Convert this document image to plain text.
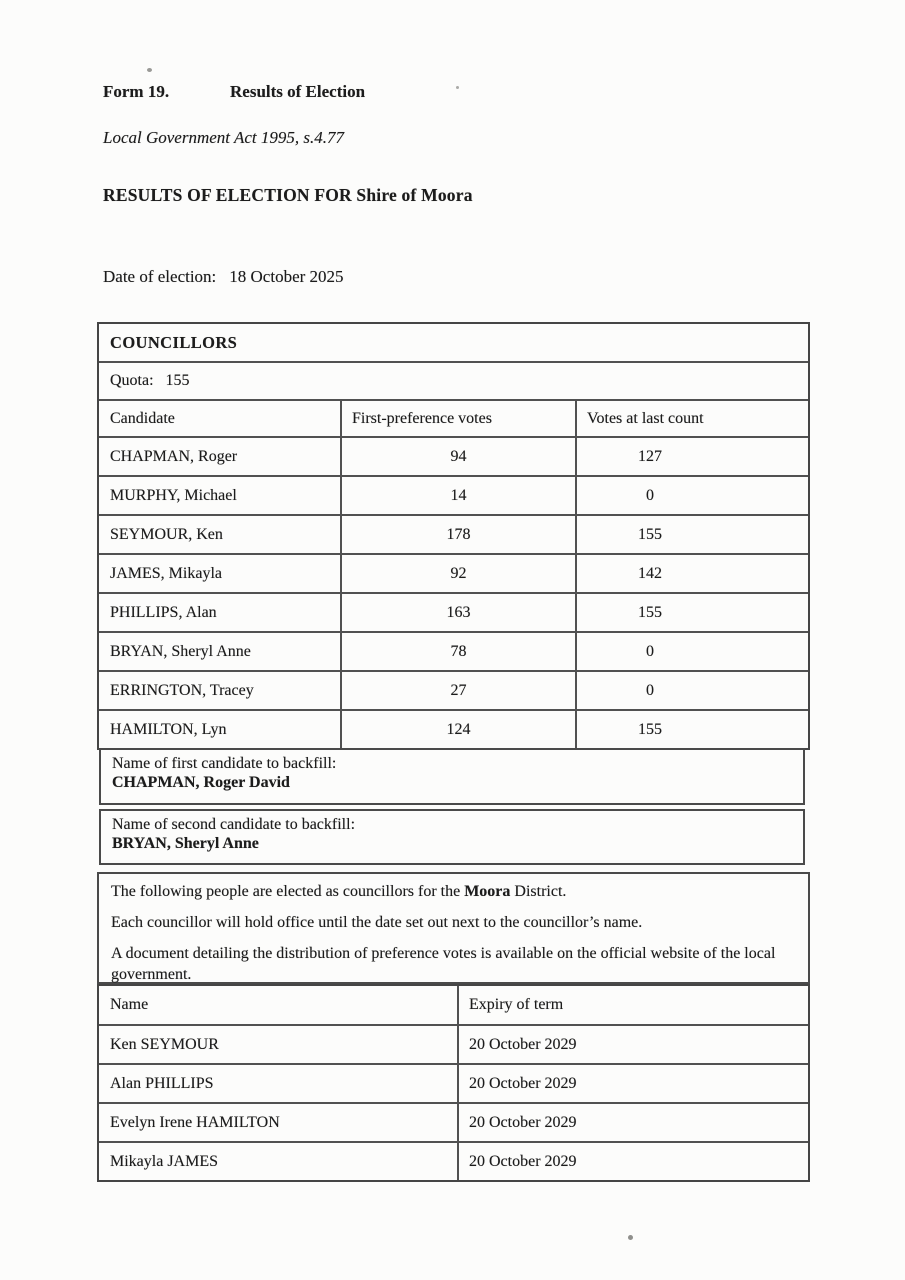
Form 19.	Results of Election
Local Government Act 1995, s.4.77
RESULTS OF ELECTION FOR Shire of Moora
Date of election: 18 October 2025
COUNCILLORS
Quota: 155
Candidate	First-preference votes	Votes at last count
CHAPMAN, Roger	94	127
MURPHY, Michael	14	0
SEYMOUR, Ken	178	155
JAMES, Mikayla	92	142
PHILLIPS, Alan	163	155
BRYAN, Sheryl Anne	78	0
ERRINGTON, Tracey	27	0
HAMILTON, Lyn	124	155
Name of first candidate to backfill:
CHAPMAN, Roger David
Name of second candidate to backfill:
BRYAN, Sheryl Anne

The following people are elected as councillors for the Moora District.

Each councillor will hold office until the date set out next to the councillor’s name.

A document detailing the distribution of preference votes is available on the official website of the local government.

Name	Expiry of term
Ken SEYMOUR	20 October 2029
Alan PHILLIPS	20 October 2029
Evelyn Irene HAMILTON	20 October 2029
Mikayla JAMES	20 October 2029
